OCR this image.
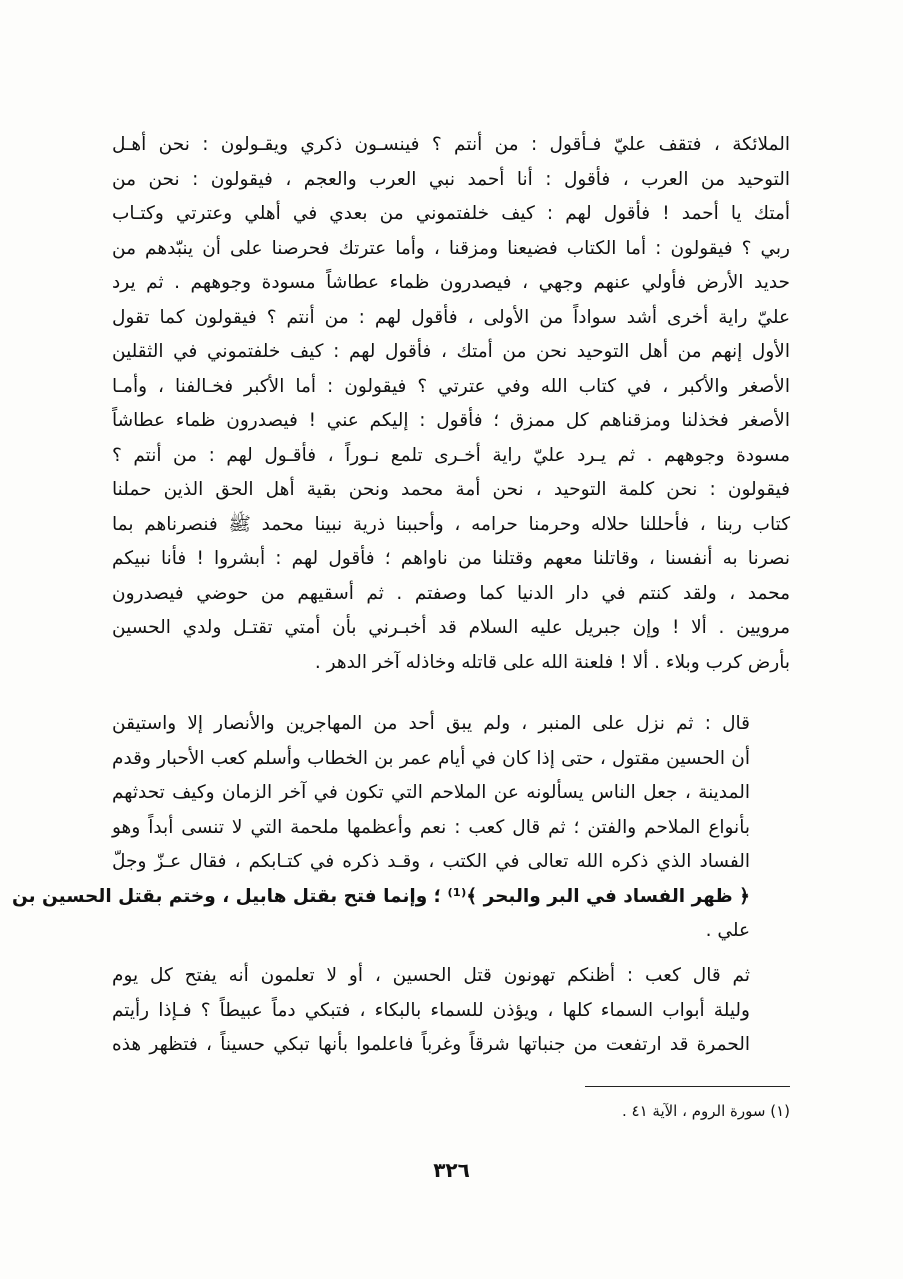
الملائكة ، فتقف عليّ فـأقول : من أنتم ؟ فينسـون ذكري ويقـولون : نحن أهـل
التوحيد من العرب ، فأقول : أنا أحمد نبي العرب والعجم ، فيقولون : نحن من
أمتك يا أحمد ! فأقول لهم : كيف خلفتموني من بعدي في أهلي وعترتي وكتـاب
ربي ؟ فيقولون : أما الكتاب فضيعنا ومزقنا ، وأما عترتك فحرصنا على أن ينبّدهم من
حديد الأرض فأولي عنهم وجهي ، فيصدرون ظماء عطاشاً مسودة وجوههم . ثم يرد
عليّ راية أخرى أشد سواداً من الأولى ، فأقول لهم : من أنتم ؟ فيقولون كما تقول
الأول إنهم من أهل التوحيد نحن من أمتك ، فأقول لهم : كيف خلفتموني في الثقلين
الأصغر والأكبر ، في كتاب الله وفي عترتي ؟ فيقولون : أما الأكبر فخـالفنا ، وأمـا
الأصغر فخذلنا ومزقناهم كل ممزق ؛ فأقول : إليكم عني ! فيصدرون ظماء عطاشاً
مسودة وجوههم . ثم يـرد عليّ راية أخـرى تلمع نـوراً ، فأقـول لهم : من أنتم ؟
فيقولون : نحن كلمة التوحيد ، نحن أمة محمد ونحن بقية أهل الحق الذين حملنا
كتاب ربنا ، فأحللنا حلاله وحرمنا حرامه ، وأحببنا ذرية نبينا محمد ﷺ فنصرناهم بما
نصرنا به أنفسنا ، وقاتلنا معهم وقتلنا من ناواهم ؛ فأقول لهم : أبشروا ! فأنا نبيكم
محمد ، ولقد كنتم في دار الدنيا كما وصفتم . ثم أسقيهم من حوضي فيصدرون
مرويين . ألا ! وإن جبريل عليه السلام قد أخبـرني بأن أمتي تقتـل ولدي الحسين
بأرض كرب وبلاء . ألا ! فلعنة الله على قاتله وخاذله آخر الدهر .
قال : ثم نزل على المنبر ، ولم يبق أحد من المهاجرين والأنصار إلا واستيقن
أن الحسين مقتول ، حتى إذا كان في أيام عمر بن الخطاب وأسلم كعب الأحبار وقدم
المدينة ، جعل الناس يسألونه عن الملاحم التي تكون في آخر الزمان وكيف تحدثهم
بأنواع الملاحم والفتن ؛ ثم قال كعب : نعم وأعظمها ملحمة التي لا تنسى أبداً وهو
الفساد الذي ذكره الله تعالى في الكتب ، وقـد ذكره في كتـابكم ، فقال عـزّ وجلّ
﴿ ظهر الفساد في البر والبحر ﴾⁽¹⁾ ؛ وإنما فتح بقتل هابيل ، وختم بقتل الحسين بن
علي .
ثم قال كعب : أظنكم تهونون قتل الحسين ، أو لا تعلمون أنه يفتح كل يوم
وليلة أبواب السماء كلها ، ويؤذن للسماء بالبكاء ، فتبكي دماً عبيطاً ؟ فـإذا رأيتم
الحمرة قد ارتفعت من جنباتها شرقاً وغرباً فاعلموا بأنها تبكي حسيناً ، فتظهر هذه
(١) سورة الروم ، الآية ٤١ .
٣٢٦
